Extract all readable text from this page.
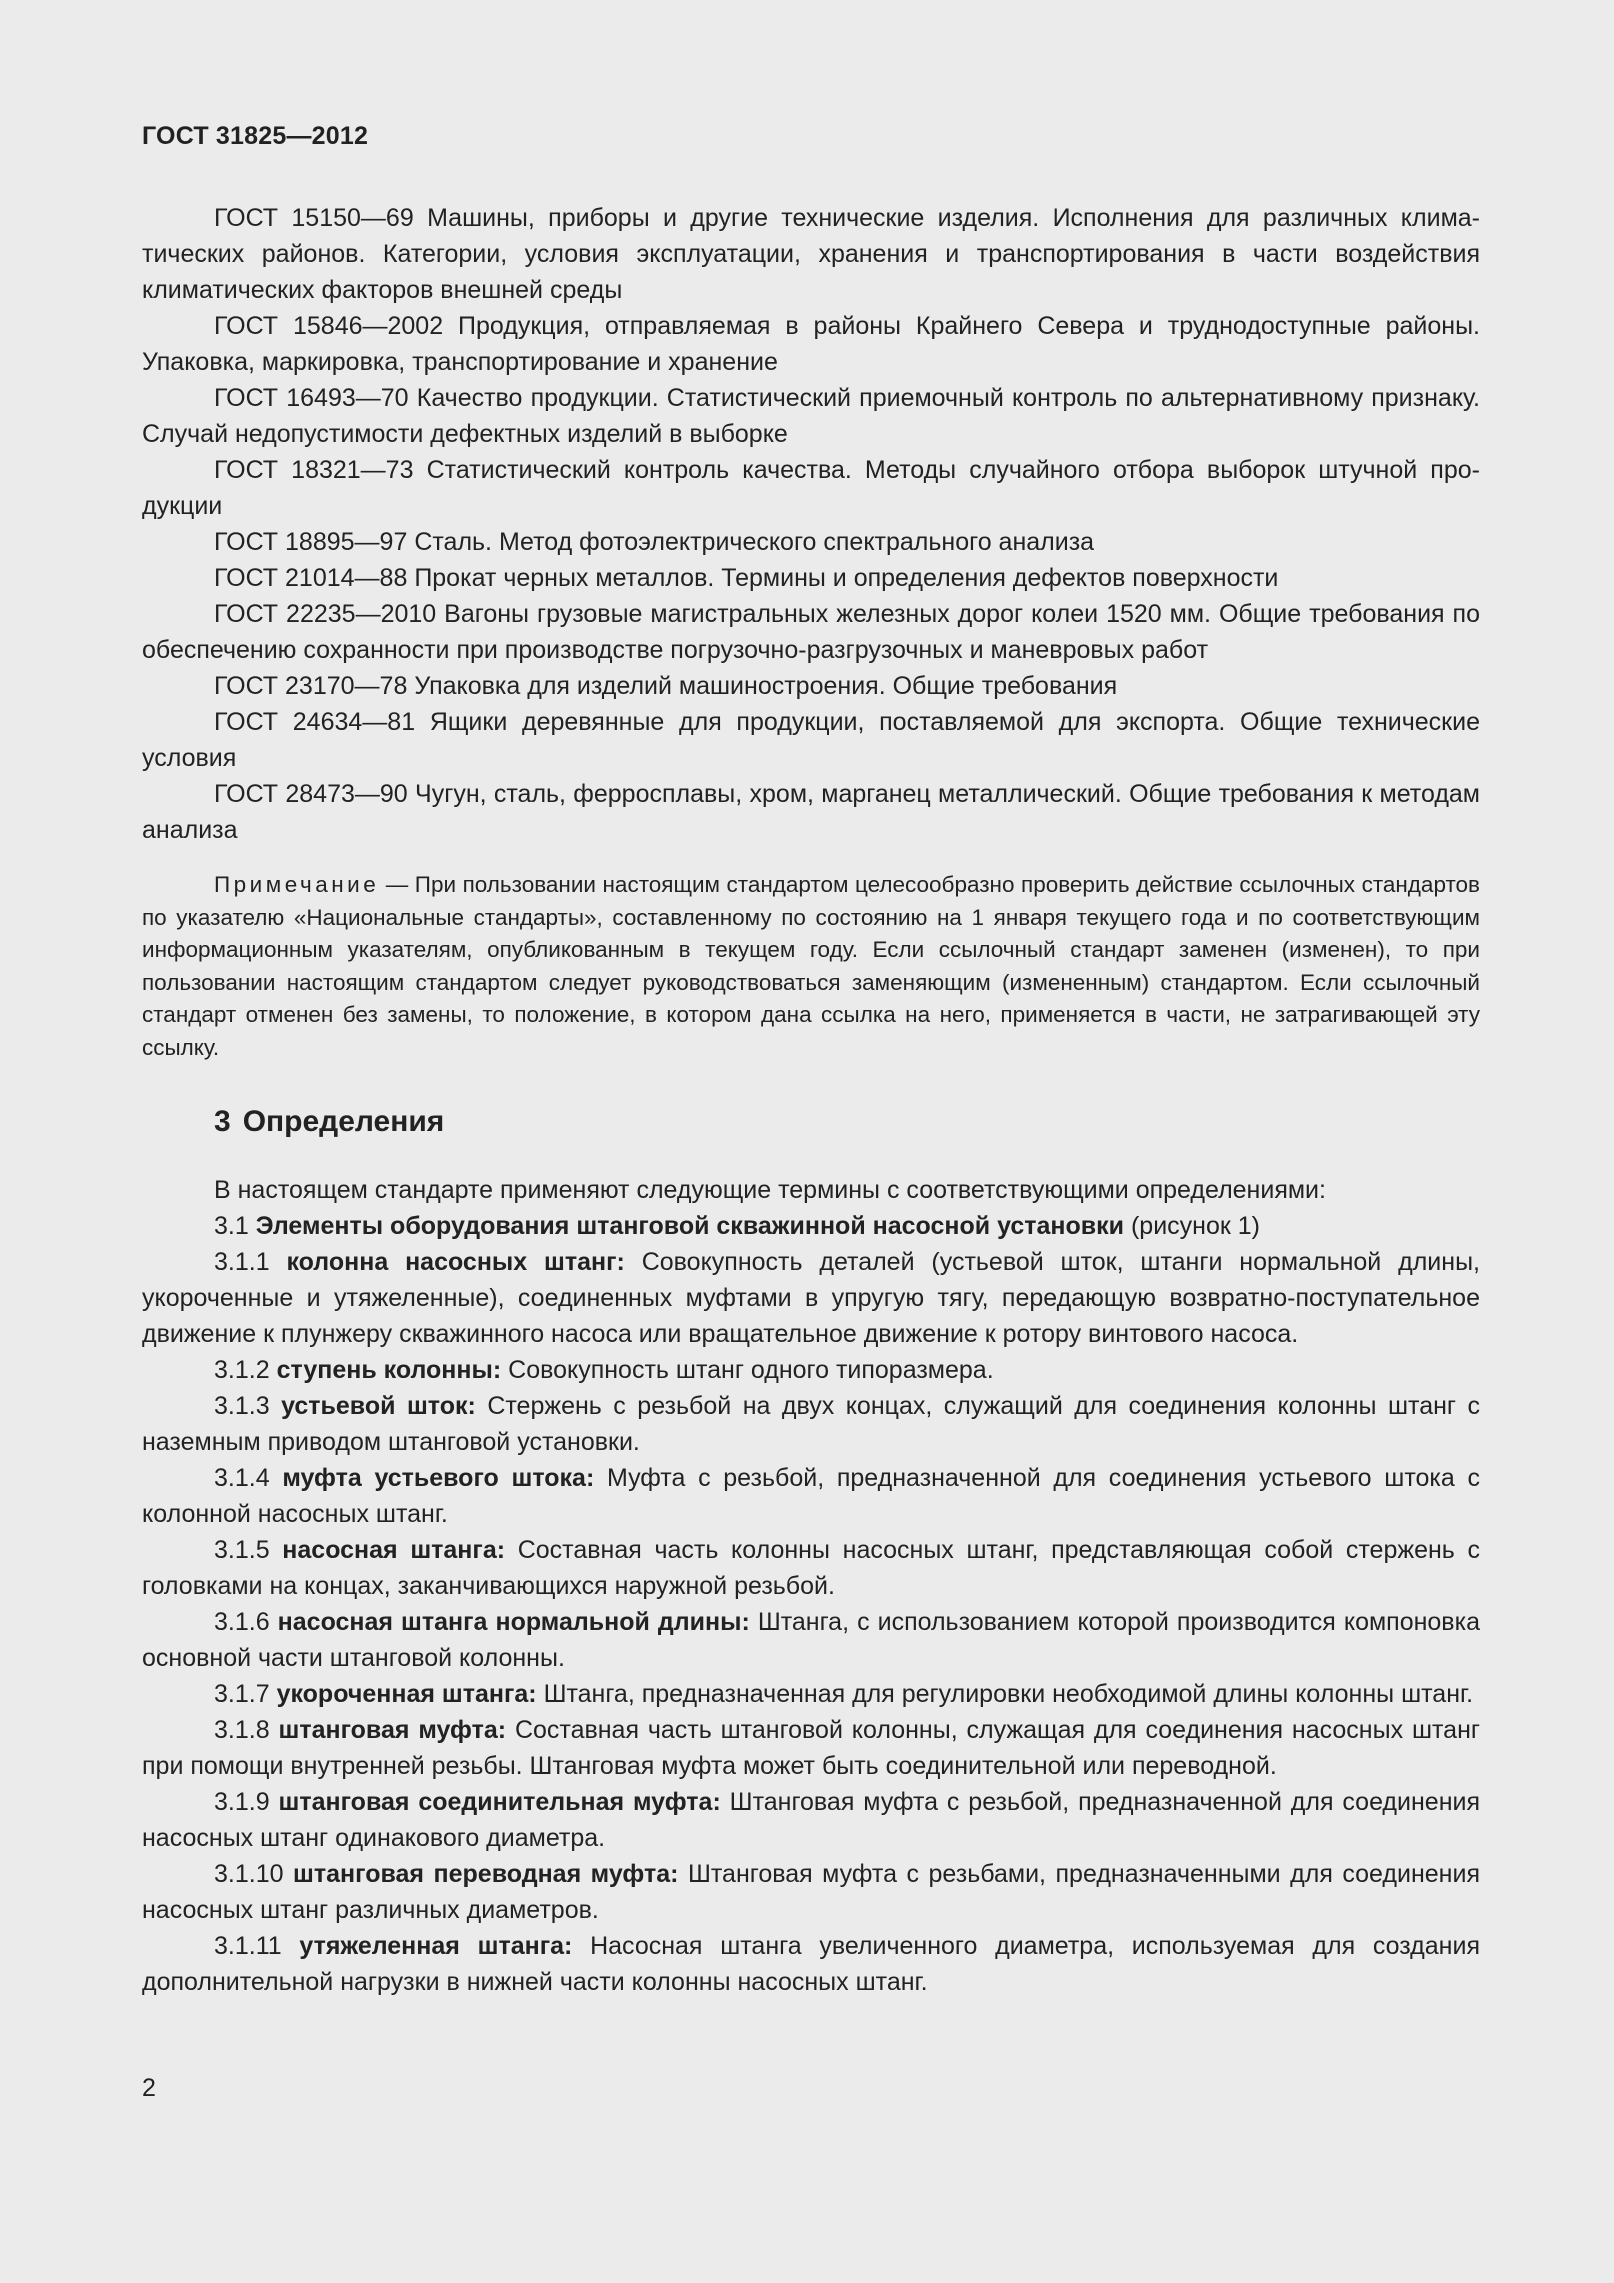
ГОСТ 31825—2012

ГОСТ 15150—69 Машины, приборы и другие технические изделия. Исполнения для различных климатических районов. Категории, условия эксплуатации, хранения и транспортирования в части воздействия климатических факторов внешней среды

ГОСТ 15846—2002 Продукция, отправляемая в районы Крайнего Севера и труднодоступные районы. Упаковка, маркировка, транспортирование и хранение

ГОСТ 16493—70 Качество продукции. Статистический приемочный контроль по альтернативному признаку. Случай недопустимости дефектных изделий в выборке

ГОСТ 18321—73 Статистический контроль качества. Методы случайного отбора выборок штучной продукции

ГОСТ 18895—97 Сталь. Метод фотоэлектрического спектрального анализа

ГОСТ 21014—88 Прокат черных металлов. Термины и определения дефектов поверхности

ГОСТ 22235—2010 Вагоны грузовые магистральных железных дорог колеи 1520 мм. Общие требования по обеспечению сохранности при производстве погрузочно-разгрузочных и маневровых работ

ГОСТ 23170—78 Упаковка для изделий машиностроения. Общие требования

ГОСТ 24634—81 Ящики деревянные для продукции, поставляемой для экспорта. Общие технические условия

ГОСТ 28473—90 Чугун, сталь, ферросплавы, хром, марганец металлический. Общие требования к методам анализа

Примечание — При пользовании настоящим стандартом целесообразно проверить действие ссылочных стандартов по указателю «Национальные стандарты», составленному по состоянию на 1 января текущего года и по соответствующим информационным указателям, опубликованным в текущем году. Если ссылочный стандарт заменен (изменен), то при пользовании настоящим стандартом следует руководствоваться заменяющим (измененным) стандартом. Если ссылочный стандарт отменен без замены, то положение, в котором дана ссылка на него, применяется в части, не затрагивающей эту ссылку.

3 Определения

В настоящем стандарте применяют следующие термины с соответствующими определениями:

3.1 Элементы оборудования штанговой скважинной насосной установки (рисунок 1)

3.1.1 колонна насосных штанг: Совокупность деталей (устьевой шток, штанги нормальной длины, укороченные и утяжеленные), соединенных муфтами в упругую тягу, передающую возвратно-поступательное движение к плунжеру скважинного насоса или вращательное движение к ротору винтового насоса.

3.1.2 ступень колонны: Совокупность штанг одного типоразмера.

3.1.3 устьевой шток: Стержень с резьбой на двух концах, служащий для соединения колонны штанг с наземным приводом штанговой установки.

3.1.4 муфта устьевого штока: Муфта с резьбой, предназначенной для соединения устьевого штока с колонной насосных штанг.

3.1.5 насосная штанга: Составная часть колонны насосных штанг, представляющая собой стержень с головками на концах, заканчивающихся наружной резьбой.

3.1.6 насосная штанга нормальной длины: Штанга, с использованием которой производится компоновка основной части штанговой колонны.

3.1.7 укороченная штанга: Штанга, предназначенная для регулировки необходимой длины колонны штанг.

3.1.8 штанговая муфта: Составная часть штанговой колонны, служащая для соединения насосных штанг при помощи внутренней резьбы. Штанговая муфта может быть соединительной или переводной.

3.1.9 штанговая соединительная муфта: Штанговая муфта с резьбой, предназначенной для соединения насосных штанг одинакового диаметра.

3.1.10 штанговая переводная муфта: Штанговая муфта с резьбами, предназначенными для соединения насосных штанг различных диаметров.

3.1.11 утяжеленная штанга: Насосная штанга увеличенного диаметра, используемая для создания дополнительной нагрузки в нижней части колонны насосных штанг.

2
